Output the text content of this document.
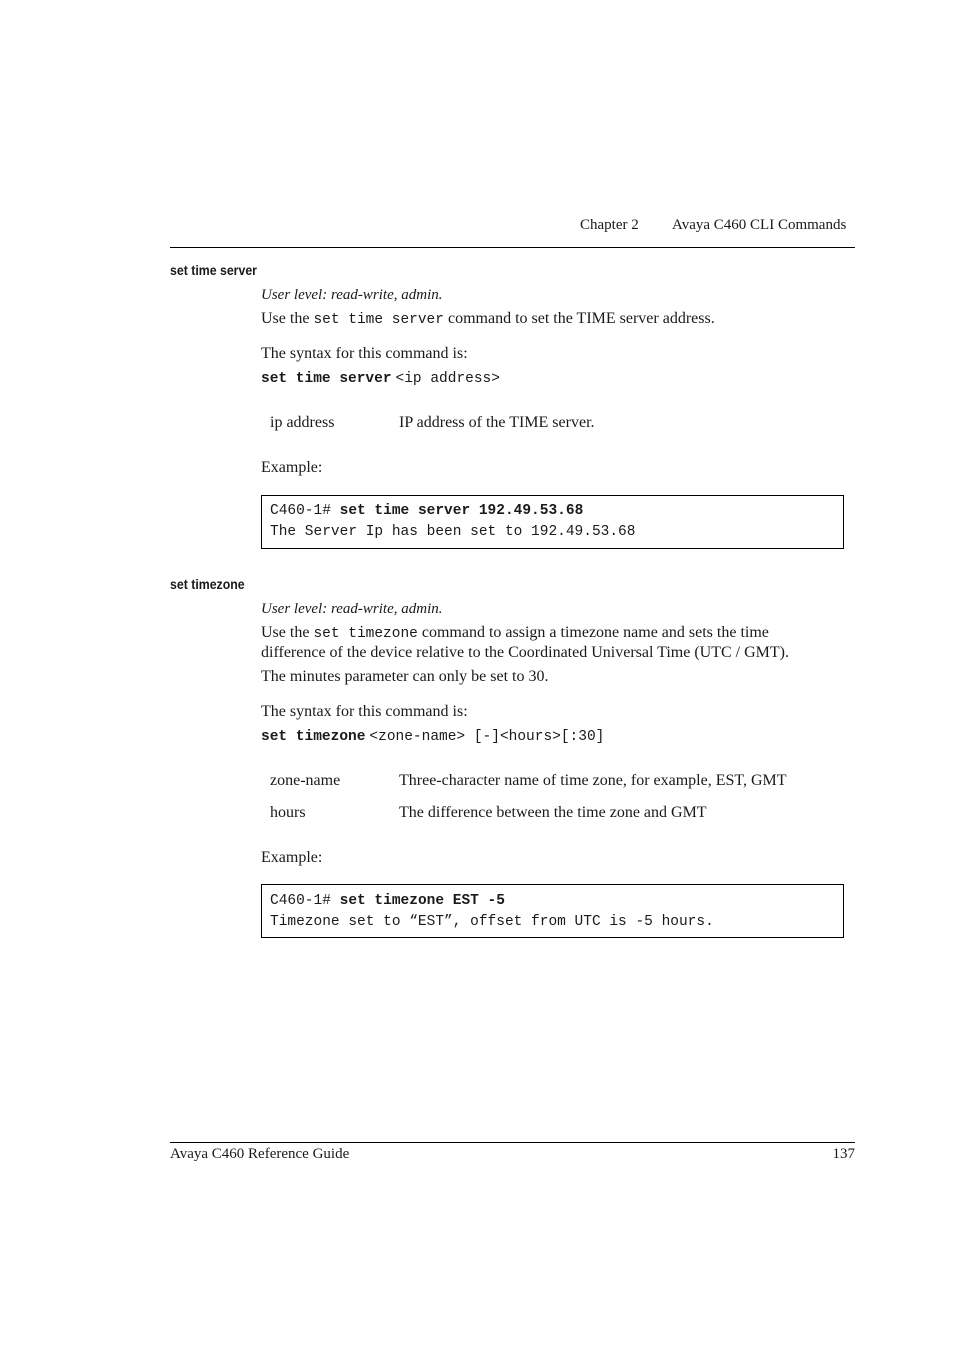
Chapter 2 Avaya C460 CLI Commands
set time server
User level: read-write, admin.
Use the set time server command to set the TIME server address.
The syntax for this command is:
set time server <ip address>
ip address	IP address of the TIME server.
Example:
C460-1# set time server 192.49.53.68
The Server Ip has been set to 192.49.53.68
set timezone
User level: read-write, admin.
Use the set timezone command to assign a timezone name and sets the time
difference of the device relative to the Coordinated Universal Time (UTC / GMT).
The minutes parameter can only be set to 30.
The syntax for this command is:
set timezone <zone-name> [-]<hours>[:30]
zone-name	Three-character name of time zone, for example, EST, GMT
hours	The difference between the time zone and GMT
Example:
C460-1# set timezone EST -5
Timezone set to “EST”, offset from UTC is -5 hours.
Avaya C460 Reference Guide	137
